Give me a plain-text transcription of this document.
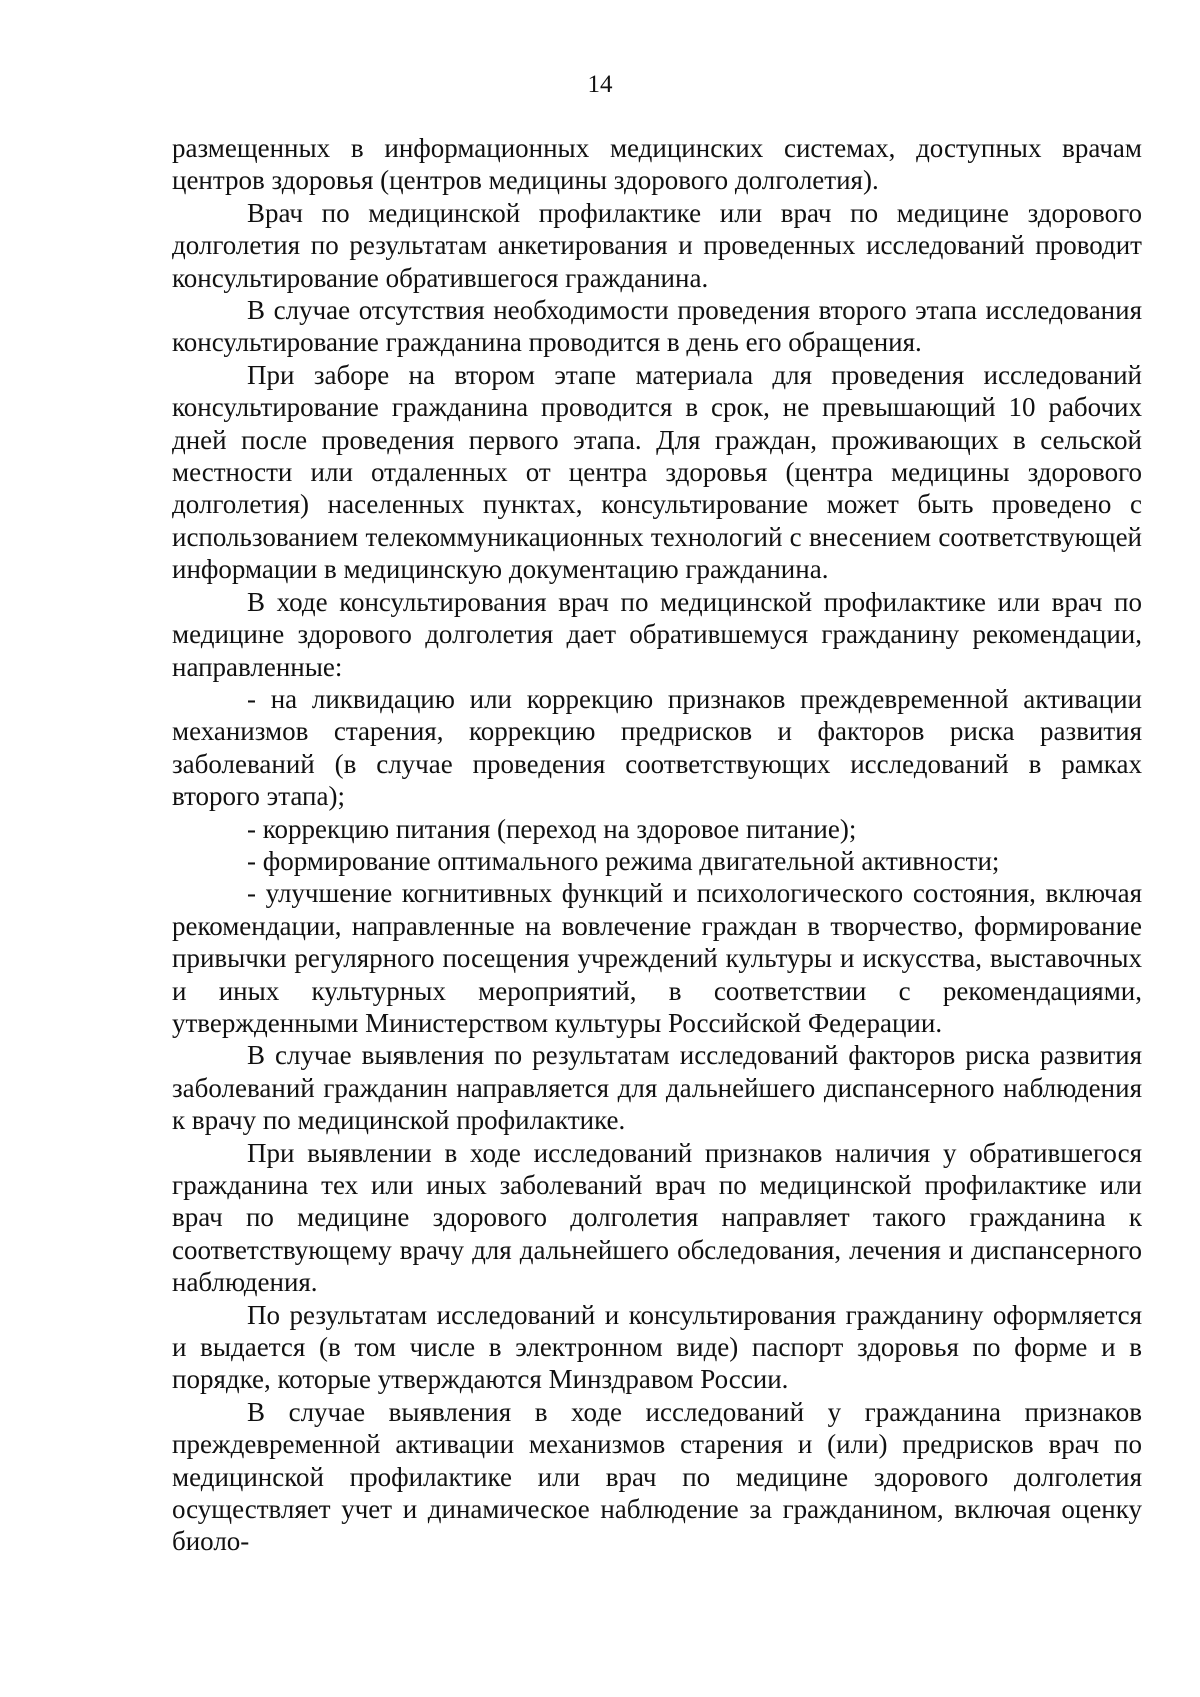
14

размещенных в информационных медицинских системах, доступных врачам центров здоровья (центров медицины здорового долголетия).

Врач по медицинской профилактике или врач по медицине здорового долголетия по результатам анкетирования и проведенных исследований проводит консультирование обратившегося гражданина.

В случае отсутствия необходимости проведения второго этапа исследования консультирование гражданина проводится в день его обращения.

При заборе на втором этапе материала для проведения исследований консультирование гражданина проводится в срок, не превышающий 10 рабочих дней после проведения первого этапа. Для граждан, проживающих в сельской местности или отдаленных от центра здоровья (центра медицины здорового долголетия) населенных пунктах, консультирование может быть проведено с использованием телекоммуникационных технологий с внесением соответствующей информации в медицинскую документацию гражданина.

В ходе консультирования врач по медицинской профилактике или врач по медицине здорового долголетия дает обратившемуся гражданину рекомендации, направленные:

- на ликвидацию или коррекцию признаков преждевременной активации механизмов старения, коррекцию предрисков и факторов риска развития заболеваний (в случае проведения соответствующих исследований в рамках второго этапа);

- коррекцию питания (переход на здоровое питание);

- формирование оптимального режима двигательной активности;

- улучшение когнитивных функций и психологического состояния, включая рекомендации, направленные на вовлечение граждан в творчество, формирование привычки регулярного посещения учреждений культуры и искусства, выставочных и иных культурных мероприятий, в соответствии с рекомендациями, утвержденными Министерством культуры Российской Федерации.

В случае выявления по результатам исследований факторов риска развития заболеваний гражданин направляется для дальнейшего диспансерного наблюдения к врачу по медицинской профилактике.

При выявлении в ходе исследований признаков наличия у обратившегося гражданина тех или иных заболеваний врач по медицинской профилактике или врач по медицине здорового долголетия направляет такого гражданина к соответствующему врачу для дальнейшего обследования, лечения и диспансерного наблюдения.

По результатам исследований и консультирования гражданину оформляется и выдается (в том числе в электронном виде) паспорт здоровья по форме и в порядке, которые утверждаются Минздравом России.

В случае выявления в ходе исследований у гражданина признаков преждевременной активации механизмов старения и (или) предрисков врач по медицинской профилактике или врач по медицине здорового долголетия осуществляет учет и динамическое наблюдение за гражданином, включая оценку биоло-
